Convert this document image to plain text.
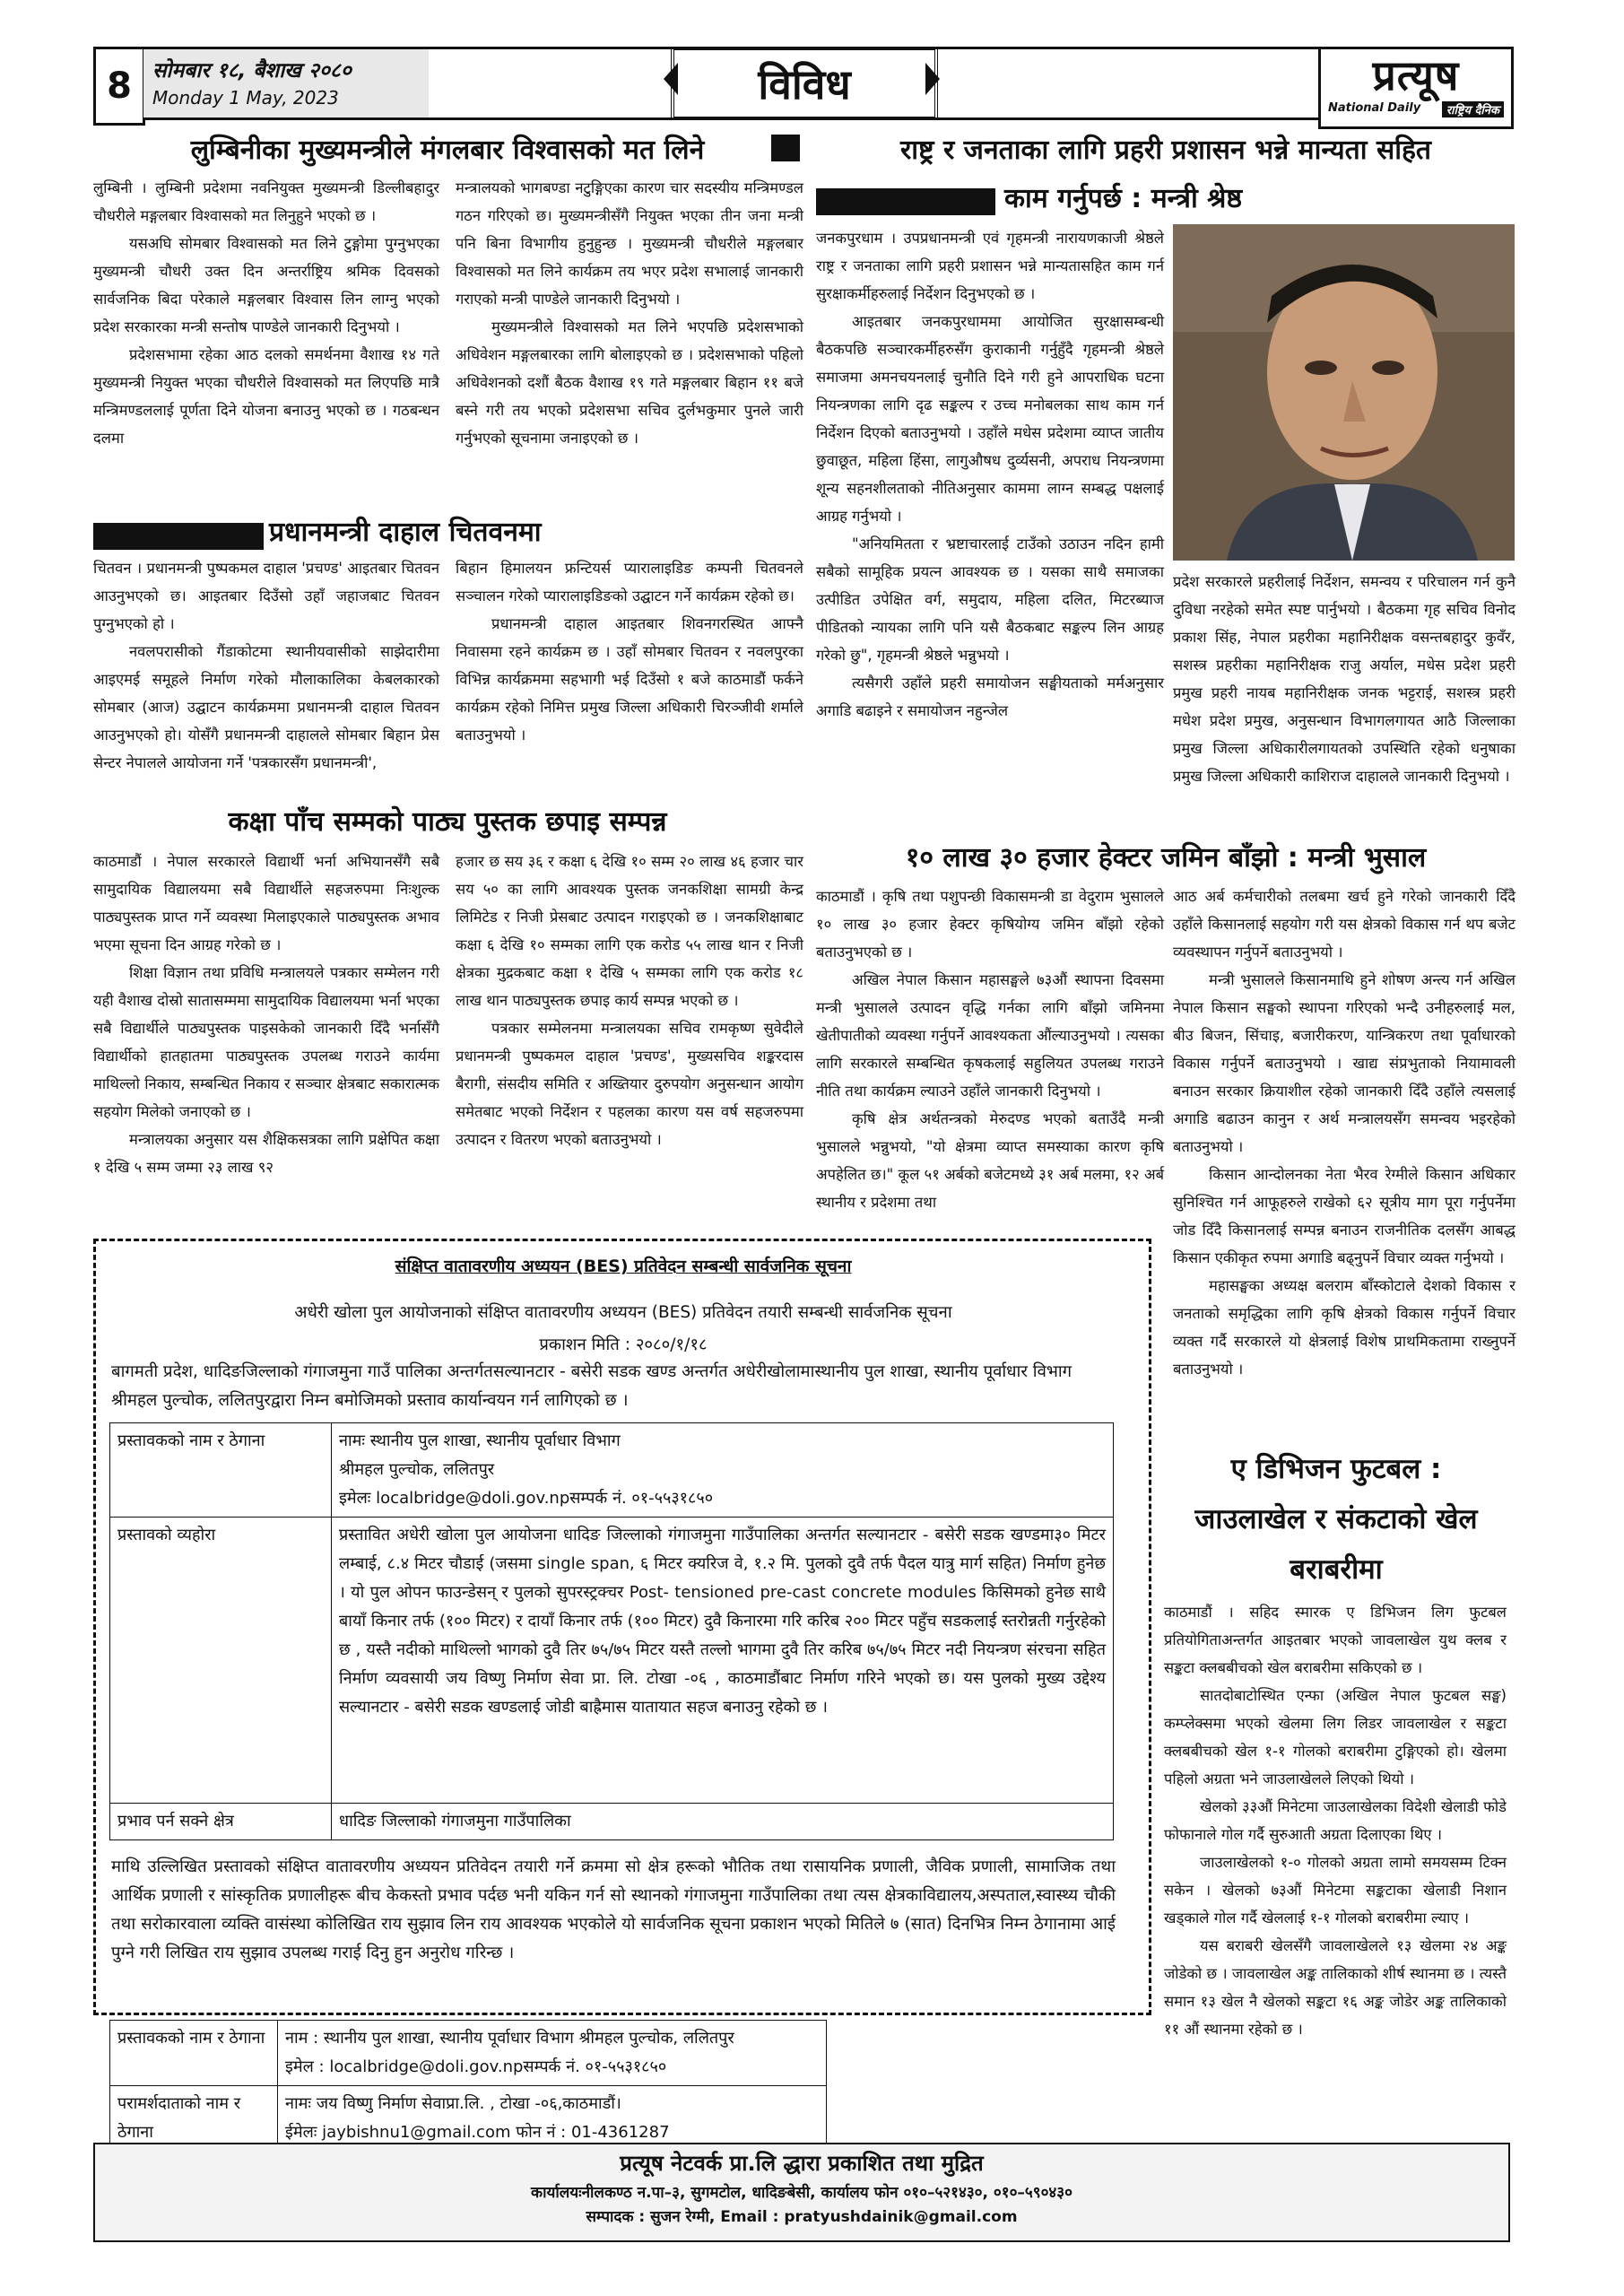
8	सोमबार १८, बैशाख २०८०
Monday 1 May, 2023	विविध	प्रत्यूष
National Daily	राष्ट्रिय दैनिक
लुम्बिनीका मुख्यमन्त्रीले मंगलबार विश्वासको मत लिने

लुम्बिनी । लुम्बिनी प्रदेशमा नवनियुक्त मुख्यमन्त्री डिल्लीबहादुर चौधरीले मङ्गलबार विश्वासको मत लिनुहुने भएको छ ।

यसअघि सोमबार विश्वासको मत लिने टुङ्गोमा पुग्नुभएका मुख्यमन्त्री चौधरी उक्त दिन अन्तर्राष्ट्रिय श्रमिक दिवसको सार्वजनिक बिदा परेकाले मङ्गलबार विश्वास लिन लाग्नु भएको प्रदेश सरकारका मन्त्री सन्तोष पाण्डेले जानकारी दिनुभयो ।

प्रदेशसभामा रहेका आठ दलको समर्थनमा वैशाख १४ गते मुख्यमन्त्री नियुक्त भएका चौधरीले विश्वासको मत लिएपछि मात्रै मन्त्रिमण्डललाई पूर्णता दिने योजना बनाउनु भएको छ । गठबन्धन दलमा

मन्त्रालयको भागबण्डा नटुङ्गिएका कारण चार सदस्यीय मन्त्रिमण्डल गठन गरिएको छ। मुख्यमन्त्रीसँगै नियुक्त भएका तीन जना मन्त्री पनि बिना विभागीय हुनुहुन्छ । मुख्यमन्त्री चौधरीले मङ्गलबार विश्वासको मत लिने कार्यक्रम तय भएर प्रदेश सभालाई जानकारी गराएको मन्त्री पाण्डेले जानकारी दिनुभयो ।

मुख्यमन्त्रीले विश्वासको मत लिने भएपछि प्रदेशसभाको अधिवेशन मङ्गलबारका लागि बोलाइएको छ । प्रदेशसभाको पहिलो अधिवेशनको दशौं बैठक वैशाख १९ गते मङ्गलबार बिहान ११ बजे बस्ने गरी तय भएको प्रदेशसभा सचिव दुर्लभकुमार पुनले जारी गर्नुभएको सूचनामा जनाइएको छ ।

प्रधानमन्त्री दाहाल चितवनमा

चितवन । प्रधानमन्त्री पुष्पकमल दाहाल 'प्रचण्ड' आइतबार चितवन आउनुभएको छ। आइतबार दिउँसो उहाँ जहाजबाट चितवन पुग्नुभएको हो ।

नवलपरासीको गैंडाकोटमा स्थानीयवासीको साझेदारीमा आइएमई समूहले निर्माण गरेको मौलाकालिका केबलकारको सोमबार (आज) उद्घाटन कार्यक्रममा प्रधानमन्त्री दाहाल चितवन आउनुभएको हो। योसँगै प्रधानमन्त्री दाहालले सोमबार बिहान प्रेस सेन्टर नेपालले आयोजना गर्ने 'पत्रकारसँग प्रधानमन्त्री',

बिहान हिमालयन फ्रन्टियर्स प्यारालाइडिङ कम्पनी चितवनले सञ्चालन गरेको प्यारालाइडिङको उद्घाटन गर्ने कार्यक्रम रहेको छ।

प्रधानमन्त्री दाहाल आइतबार शिवनगरस्थित आफ्नै निवासमा रहने कार्यक्रम छ । उहाँ सोमबार चितवन र नवलपुरका विभिन्न कार्यक्रममा सहभागी भई दिउँसो १ बजे काठमाडौं फर्कने कार्यक्रम रहेको निमित्त प्रमुख जिल्ला अधिकारी चिरञ्जीवी शर्माले बताउनुभयो ।

कक्षा पाँच सम्मको पाठ्य पुस्तक छपाइ सम्पन्न

काठमाडौं । नेपाल सरकारले विद्यार्थी भर्ना अभियानसँगै सबै सामुदायिक विद्यालयमा सबै विद्यार्थीले सहजरुपमा निःशुल्क पाठ्यपुस्तक प्राप्त गर्ने व्यवस्था मिलाइएकाले पाठ्यपुस्तक अभाव भएमा सूचना दिन आग्रह गरेको छ ।

शिक्षा विज्ञान तथा प्रविधि मन्त्रालयले पत्रकार सम्मेलन गरी यही वैशाख दोस्रो सातासम्ममा सामुदायिक विद्यालयमा भर्ना भएका सबै विद्यार्थीले पाठ्यपुस्तक पाइसकेको जानकारी दिँदै भर्नासँगै विद्यार्थीको हातहातमा पाठ्यपुस्तक उपलब्ध गराउने कार्यमा माथिल्लो निकाय, सम्बन्धित निकाय र सञ्चार क्षेत्रबाट सकारात्मक सहयोग मिलेको जनाएको छ ।

मन्त्रालयका अनुसार यस शैक्षिकसत्रका लागि प्रक्षेपित कक्षा १ देखि ५ सम्म जम्मा २३ लाख ९२

हजार छ सय ३६ र कक्षा ६ देखि १० सम्म २० लाख ४६ हजार चार सय ५० का लागि आवश्यक पुस्तक जनकशिक्षा सामग्री केन्द्र लिमिटेड र निजी प्रेसबाट उत्पादन गराइएको छ । जनकशिक्षाबाट कक्षा ६ देखि १० सम्मका लागि एक करोड ५५ लाख थान र निजी क्षेत्रका मुद्रकबाट कक्षा १ देखि ५ सम्मका लागि एक करोड १८ लाख थान पाठ्यपुस्तक छपाइ कार्य सम्पन्न भएको छ ।

पत्रकार सम्मेलनमा मन्त्रालयका सचिव रामकृष्ण सुवेदीले प्रधानमन्त्री पुष्पकमल दाहाल 'प्रचण्ड', मुख्यसचिव शङ्करदास बैरागी, संसदीय समिति र अख्तियार दुरुपयोग अनुसन्धान आयोग समेतबाट भएको निर्देशन र पहलका कारण यस वर्ष सहजरुपमा उत्पादन र वितरण भएको बताउनुभयो ।

राष्ट्र र जनताका लागि प्रहरी प्रशासन भन्ने मान्यता सहित
काम गर्नुपर्छ : मन्त्री श्रेष्ठ

जनकपुरधाम । उपप्रधानमन्त्री एवं गृहमन्त्री नारायणकाजी श्रेष्ठले राष्ट्र र जनताका लागि प्रहरी प्रशासन भन्ने मान्यतासहित काम गर्न सुरक्षाकर्मीहरुलाई निर्देशन दिनुभएको छ ।

आइतबार जनकपुरधाममा आयोजित सुरक्षासम्बन्धी बैठकपछि सञ्चारकर्मीहरुसँग कुराकानी गर्नुहुँदै गृहमन्त्री श्रेष्ठले समाजमा अमनचयनलाई चुनौति दिने गरी हुने आपराधिक घटना नियन्त्रणका लागि दृढ सङ्कल्प र उच्च मनोबलका साथ काम गर्न निर्देशन दिएको बताउनुभयो । उहाँले मधेस प्रदेशमा व्याप्त जातीय छुवाछूत, महिला हिंसा, लागुऔषध दुर्व्यसनी, अपराध नियन्त्रणमा शून्य सहनशीलताको नीतिअनुसार काममा लाग्न सम्बद्ध पक्षलाई आग्रह गर्नुभयो ।

"अनियमितता र भ्रष्टाचारलाई टाउँको उठाउन नदिन हामी सबैको सामूहिक प्रयत्न आवश्यक छ । यसका साथै समाजका उत्पीडित उपेक्षित वर्ग, समुदाय, महिला दलित, मिटरब्याज पीडितको न्यायका लागि पनि यसै बैठकबाट सङ्कल्प लिन आग्रह गरेको छु", गृहमन्त्री श्रेष्ठले भन्नुभयो ।

त्यसैगरी उहाँले प्रहरी समायोजन सङ्घीयताको मर्मअनुसार अगाडि बढाइने र समायोजन नहुन्जेल

प्रदेश सरकारले प्रहरीलाई निर्देशन, समन्वय र परिचालन गर्न कुनै दुविधा नरहेको समेत स्पष्ट पार्नुभयो । बैठकमा गृह सचिव विनोद प्रकाश सिंह, नेपाल प्रहरीका महानिरीक्षक वसन्तबहादुर कुवँर, सशस्त्र प्रहरीका महानिरीक्षक राजु अर्याल, मधेस प्रदेश प्रहरी प्रमुख प्रहरी नायब महानिरीक्षक जनक भट्टराई, सशस्त्र प्रहरी मधेश प्रदेश प्रमुख, अनुसन्धान विभागलगायत आठै जिल्लाका प्रमुख जिल्ला अधिकारीलगायतको उपस्थिति रहेको धनुषाका प्रमुख जिल्ला अधिकारी काशिराज दाहालले जानकारी दिनुभयो ।

१० लाख ३० हजार हेक्टर जमिन बाँझो : मन्त्री भुसाल

काठमाडौं । कृषि तथा पशुपन्छी विकासमन्त्री डा वेदुराम भुसालले १० लाख ३० हजार हेक्टर कृषियोग्य जमिन बाँझो रहेको बताउनुभएको छ ।

अखिल नेपाल किसान महासङ्घले ७३औं स्थापना दिवसमा मन्त्री भुसालले उत्पादन वृद्धि गर्नका लागि बाँझो जमिनमा खेतीपातीको व्यवस्था गर्नुपर्ने आवश्यकता औंल्याउनुभयो । त्यसका लागि सरकारले सम्बन्धित कृषकलाई सहुलियत उपलब्ध गराउने नीति तथा कार्यक्रम ल्याउने उहाँले जानकारी दिनुभयो ।

कृषि क्षेत्र अर्थतन्त्रको मेरुदण्ड भएको बताउँदै मन्त्री भुसालले भन्नुभयो, "यो क्षेत्रमा व्याप्त समस्याका कारण कृषि अपहेलित छ।" कूल ५१ अर्बको बजेटमध्ये ३१ अर्ब मलमा, १२ अर्ब स्थानीय र प्रदेशमा तथा

आठ अर्ब कर्मचारीको तलबमा खर्च हुने गरेको जानकारी दिँदै उहाँले किसानलाई सहयोग गरी यस क्षेत्रको विकास गर्न थप बजेट व्यवस्थापन गर्नुपर्ने बताउनुभयो ।

मन्त्री भुसालले किसानमाथि हुने शोषण अन्त्य गर्न अखिल नेपाल किसान सङ्घको स्थापना गरिएको भन्दै उनीहरुलाई मल, बीउ बिजन, सिंचाइ, बजारीकरण, यान्त्रिकरण तथा पूर्वाधारको विकास गर्नुपर्ने बताउनुभयो । खाद्य संप्रभुताको नियामावली बनाउन सरकार क्रियाशील रहेको जानकारी दिँदै उहाँले त्यसलाई अगाडि बढाउन कानुन र अर्थ मन्त्रालयसँग समन्वय भइरहेको बताउनुभयो ।

किसान आन्दोलनका नेता भैरव रेग्मीले किसान अधिकार सुनिश्चित गर्न आफूहरुले राखेको ६२ सूत्रीय माग पूरा गर्नुपर्नेमा जोड दिँदै किसानलाई सम्पन्न बनाउन राजनीतिक दलसँग आबद्ध किसान एकीकृत रुपमा अगाडि बढ्नुपर्ने विचार व्यक्त गर्नुभयो ।

महासङ्घका अध्यक्ष बलराम बाँस्कोटाले देशको विकास र जनताको समृद्धिका लागि कृषि क्षेत्रको विकास गर्नुपर्ने विचार व्यक्त गर्दै सरकारले यो क्षेत्रलाई विशेष प्राथमिकतामा राख्नुपर्ने बताउनुभयो ।

ए डिभिजन फुटबल :
जाउलाखेल र संकटाको खेल
बराबरीमा

काठमाडौं । सहिद स्मारक ए डिभिजन लिग फुटबल प्रतियोगिताअन्तर्गत आइतबार भएको जावलाखेल युथ क्लब र सङ्कटा क्लबबीचको खेल बराबरीमा सकिएको छ ।

सातदोबाटोस्थित एन्फा (अखिल नेपाल फुटबल सङ्घ) कम्प्लेक्समा भएको खेलमा लिग लिडर जावलाखेल र सङ्कटा क्लबबीचको खेल १-१ गोलको बराबरीमा टुङ्गिएको हो। खेलमा पहिलो अग्रता भने जाउलाखेलले लिएको थियो ।

खेलको ३३औं मिनेटमा जाउलाखेलका विदेशी खेलाडी फोडे फोफानाले गोल गर्दै सुरुआती अग्रता दिलाएका थिए ।

जाउलाखेलको १-० गोलको अग्रता लामो समयसम्म टिक्न सकेन । खेलको ७३औं मिनेटमा सङ्कटाका खेलाडी निशान खड्काले गोल गर्दै खेललाई १-१ गोलको बराबरीमा ल्याए ।

यस बराबरी खेलसँगै जावलाखेलले १३ खेलमा २४ अङ्क जोडेको छ । जावलाखेल अङ्क तालिकाको शीर्ष स्थानमा छ । त्यस्तै समान १३ खेल नै खेलको सङ्कटा १६ अङ्क जोडेर अङ्क तालिकाको ११ औं स्थानमा रहेको छ ।

संक्षिप्त वातावरणीय अध्ययन (BES) प्रतिवेदन सम्बन्धी सार्वजनिक सूचना
अधेरी खोला पुल आयोजनाको संक्षिप्त वातावरणीय अध्ययन (BES) प्रतिवेदन तयारी सम्बन्धी सार्वजनिक सूचना
प्रकाशन मिति : २०८०/१/१८
बागमती प्रदेश, धादिङजिल्लाको गंगाजमुना गाउँ पालिका अन्तर्गतसल्यानटार - बसेरी सडक खण्ड अन्तर्गत अधेरीखोलामास्थानीय पुल शाखा, स्थानीय पूर्वाधार विभाग श्रीमहल पुल्चोक, ललितपुरद्वारा निम्न बमोजिमको प्रस्ताव कार्यान्वयन गर्न लागिएको छ ।
प्रस्तावकको नाम र ठेगाना	नामः स्थानीय पुल शाखा, स्थानीय पूर्वाधार विभाग
श्रीमहल पुल्चोक, ललितपुर
इमेलः localbridge@doli.gov.npसम्पर्क नं. ०१-५५३१८५०

प्रस्तावको व्यहोरा	प्रस्तावित अधेरी खोला पुल आयोजना धादिङ जिल्लाको गंगाजमुना गाउँपालिका अन्तर्गत सल्यानटार - बसेरी सडक खण्डमा३० मिटर लम्बाई, ८.४ मिटर चौडाई (जसमा single span, ६ मिटर क्यरिज वे, १.२ मि. पुलको दुवै तर्फ पैदल यात्रु मार्ग सहित) निर्माण हुनेछ । यो पुल ओपन फाउन्डेसन् र पुलको सुपरस्ट्रक्चर Post- tensioned pre-cast concrete modules किसिमको हुनेछ साथै बायाँ किनार तर्फ (१०० मिटर) र दायाँ किनार तर्फ (१०० मिटर) दुवै किनारमा गरि करिब २०० मिटर पहुँच सडकलाई स्तरोन्नती गर्नुरहेको छ , यस्तै नदीको माथिल्लो भागको दुवै तिर ७५/७५ मिटर यस्तै तल्लो भागमा दुवै तिर करिब ७५/७५ मिटर नदी नियन्त्रण संरचना सहित निर्माण व्यवसायी जय विष्णु निर्माण सेवा प्रा. लि. टोखा -०६ , काठमाडौंबाट निर्माण गरिने भएको छ। यस पुलको मुख्य उद्देश्य सल्यानटार - बसेरी सडक खण्डलाई जोडी बाह्रैमास यातायात सहज बनाउनु रहेको छ ।
प्रभाव पर्न सक्ने क्षेत्र	धादिङ जिल्लाको गंगाजमुना गाउँपालिका
माथि उल्लिखित प्रस्तावको संक्षिप्त वातावरणीय अध्ययन प्रतिवेदन तयारी गर्ने क्रममा सो क्षेत्र हरूको भौतिक तथा रासायनिक प्रणाली, जैविक प्रणाली, सामाजिक तथा आर्थिक प्रणाली र सांस्कृतिक प्रणालीहरू बीच केकस्तो प्रभाव पर्दछ भनी यकिन गर्न सो स्थानको गंगाजमुना गाउँपालिका तथा त्यस क्षेत्रकाविद्यालय,अस्पताल,स्वास्थ्य चौकी तथा सरोकारवाला व्यक्ति वासंस्था कोलिखित राय सुझाव लिन राय आवश्यक भएकोले यो सार्वजनिक सूचना प्रकाशन भएको मितिले ७ (सात) दिनभित्र निम्न ठेगानामा आई पुग्ने गरी लिखित राय सुझाव उपलब्ध गराई दिनु हुन अनुरोध गरिन्छ ।
प्रस्तावकको नाम र ठेगाना	नाम : स्थानीय पुल शाखा, स्थानीय पूर्वाधार विभाग श्रीमहल पुल्चोक, ललितपुर
इमेल : localbridge@doli.gov.npसम्पर्क नं. ०१-५५३१८५०

परामर्शदाताको नाम र ठेगाना	नामः जय विष्णु निर्माण सेवाप्रा.लि. , टोखा -०६,काठमाडौं।
ईमेलः jaybishnu1@gmail.com फोन नं : 01-4361287
प्रत्यूष नेटवर्क प्रा.लि द्धारा प्रकाशित तथा मुद्रित
कार्यालयःनीलकण्ठ न.पा–३, सुगमटोल, धादिङबेसी, कार्यालय फोन ०१०–५२१४३०, ०१०–५९०४३०
सम्पादक : सुजन रेग्मी, Email : pratyushdainik@gmail.com
